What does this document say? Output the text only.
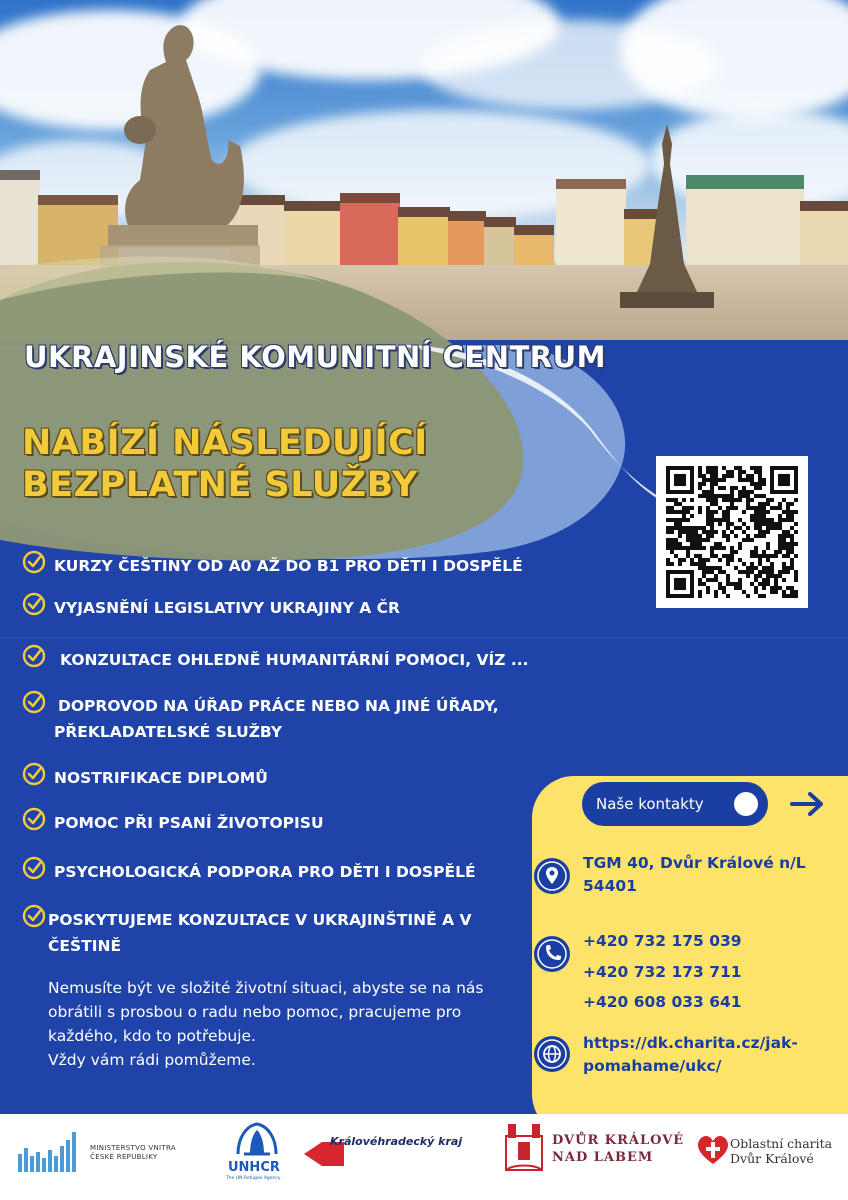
UKRAJINSKÉ KOMUNITNÍ CENTRUM
NABÍZÍ NÁSLEDUJÍCÍ
BEZPLATNÉ SLUŽBY
KURZY ČEŠTINY OD A0 AŽ DO B1 PRO DĚTI I DOSPĚLÉ
VYJASNĚNÍ LEGISLATIVY UKRAJINY A ČR
KONZULTACE OHLEDNĚ HUMANITÁRNÍ POMOCI, VÍZ ...
DOPROVOD NA ÚŘAD PRÁCE NEBO NA JINÉ ÚŘADY,
PŘEKLADATELSKÉ SLUŽBY
NOSTRIFIKACE DIPLOMŮ
POMOC PŘI PSANÍ ŽIVOTOPISU
PSYCHOLOGICKÁ PODPORA PRO DĚTI I DOSPĚLÉ
POSKYTUJEME KONZULTACE V UKRAJINŠTINĚ A V
ČEŠTINĚ
Nemusíte být ve složité životní situaci, abyste se na nás
obrátili s prosbou o radu nebo pomoc, pracujeme pro
každého, kdo to potřebuje.
Vždy vám rádi pomůžeme.
Naše kontakty
TGM 40, Dvůr Králové n/L
54401
+420 732 175 039
+420 732 173 711
+420 608 033 641
https://dk.charita.cz/jak-
pomahame/ukc/
MINISTERSTVO VNITRA
ČESKÉ REPUBLIKY
UNHCR
The UN Refugee Agency
Královéhradecký kraj	DVŮR KRÁLOVÉ
NAD LABEM
Oblastní charita
Dvůr Králové
